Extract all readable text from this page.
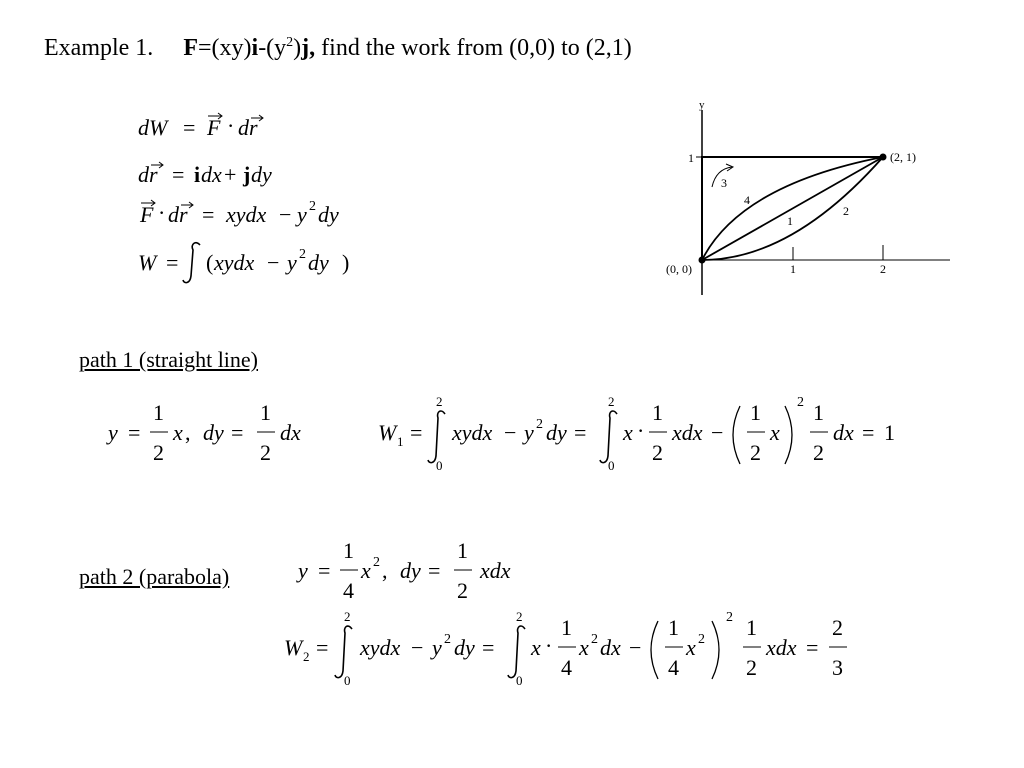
Example 1. $F=(xy)i-(y^2)j$, find the work from (0,0) to (2,1)
dW = F · dr
dr = i dx + j dy
F · dr = xydx − y 2 dy
W = ( xydx − y 2 dy )
y
1
1	2
(2, 1)
(0, 0)
1
2
3
4
path 1 (straight line)
y =
1
2
x , dy =
1
2
dx	W 1 =
2
0
xydx − y 2 dy =
2
0
x ·
1
2
xdx −
1
2
x
2 1
2
dx = 1
path 2 (parabola)	y =
1
4
x 2 , dy =
1
2
xdx
W 2 =
2
0
xydx − y 2 dy =
2
0
x ·
1
4
x 2 dx −
1
4
x 2
2 1
2
xdx =
2
3
